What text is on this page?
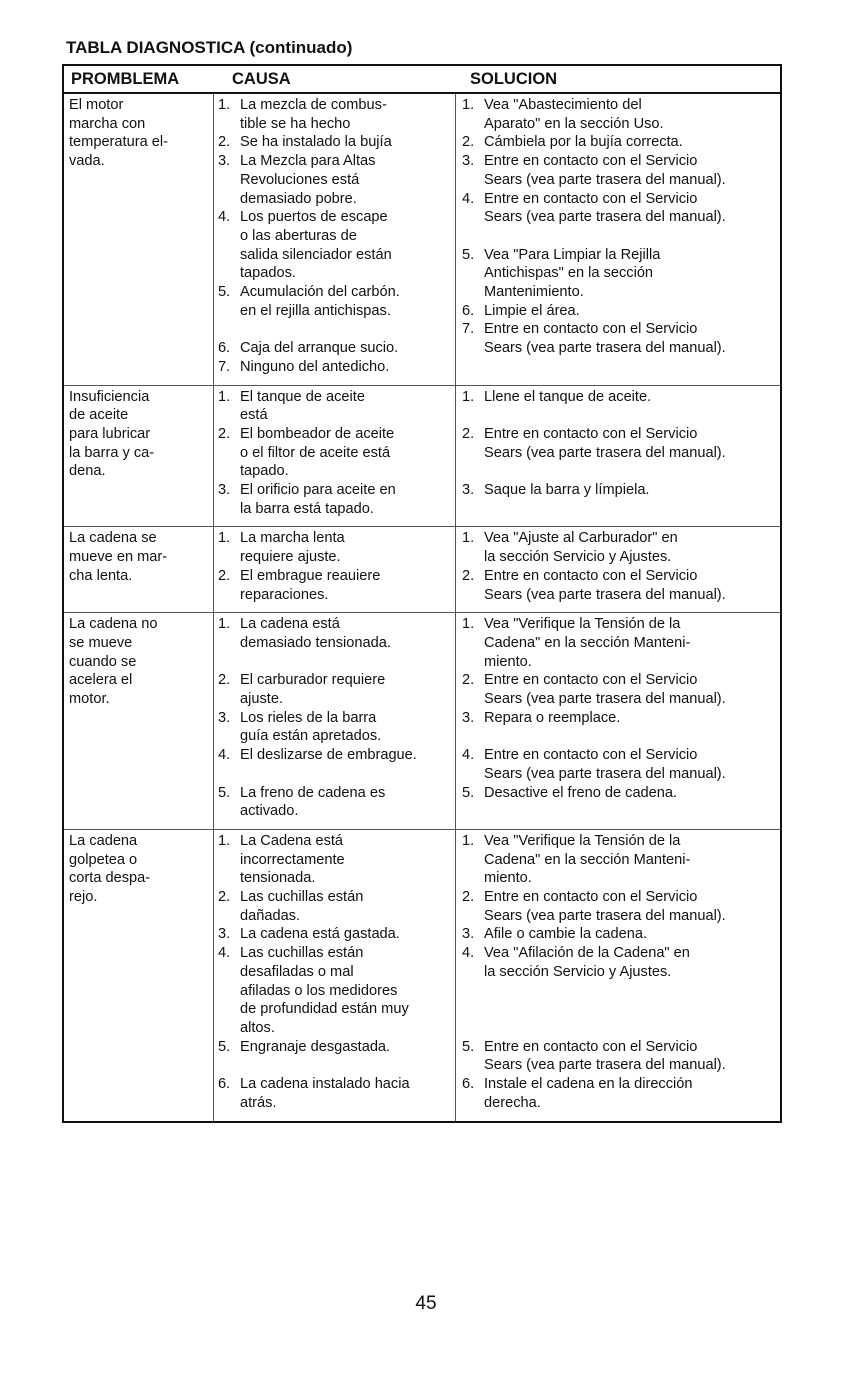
TABLA DIAGNOSTICA (continuado)
PROMBLEMA	CAUSA	SOLUCION
El motor
marcha con
temperatura el-
vada.
1. La mezcla de combus-
tible se ha hecho
2. Se ha instalado la bujía
3. La Mezcla para Altas
Revoluciones está
demasiado pobre.
4. Los puertos de escape
o las aberturas de
salida silenciador están
tapados.
5. Acumulación del carbón.
en el rejilla antichispas.
6. Caja del arranque sucio.
7. Ninguno del antedicho.
1. Vea "Abastecimiento del
Aparato" en la sección Uso.
2. Cámbiela por la bujía correcta.
3. Entre en contacto con el Servicio
Sears (vea parte trasera del manual).
4. Entre en contacto con el Servicio
Sears (vea parte trasera del manual).
5. Vea "Para Limpiar la Rejilla
Antichispas" en la sección
Mantenimiento.
6. Limpie el área.
7. Entre en contacto con el Servicio
Sears (vea parte trasera del manual).
Insuficiencia
de aceite
para lubricar
la barra y ca-
dena.
1. El tanque de aceite
está
2. El bombeador de aceite
o el filtor de aceite está
tapado.
3. El orificio para aceite en
la barra está tapado.
1. Llene el tanque de aceite.
2. Entre en contacto con el Servicio
Sears (vea parte trasera del manual).
3. Saque la barra y límpiela.
La cadena se
mueve en mar-
cha lenta.
1. La marcha lenta
requiere ajuste.
2. El embrague reauiere
reparaciones.
1. Vea "Ajuste al Carburador" en
la sección Servicio y Ajustes.
2. Entre en contacto con el Servicio
Sears (vea parte trasera del manual).
La cadena no
se mueve
cuando se
acelera el
motor.
1. La cadena está
demasiado tensionada.
2. El carburador requiere
ajuste.
3. Los rieles de la barra
guía están apretados.
4. El deslizarse de embrague.
5. La freno de cadena es
activado.
1. Vea "Verifique la Tensión de la
Cadena" en la sección Manteni-
miento.
2. Entre en contacto con el Servicio
Sears (vea parte trasera del manual).
3. Repara o reemplace.
4. Entre en contacto con el Servicio
Sears (vea parte trasera del manual).
5. Desactive el freno de cadena.
La cadena
golpetea o
corta despa-
rejo.
1. La Cadena está
incorrectamente
tensionada.
2. Las cuchillas están
dañadas.
3. La cadena está gastada.
4. Las cuchillas están
desafiladas o mal
afiladas o los medidores
de profundidad están muy
altos.
5. Engranaje desgastada.
6. La cadena instalado hacia
atrás.
1. Vea "Verifique la Tensión de la
Cadena" en la sección Manteni-
miento.
2. Entre en contacto con el Servicio
Sears (vea parte trasera del manual).
3. Afile o cambie la cadena.
4. Vea "Afilación de la Cadena" en
la sección Servicio y Ajustes.
5. Entre en contacto con el Servicio
Sears (vea parte trasera del manual).
6. Instale el cadena en la dirección
derecha.
45
